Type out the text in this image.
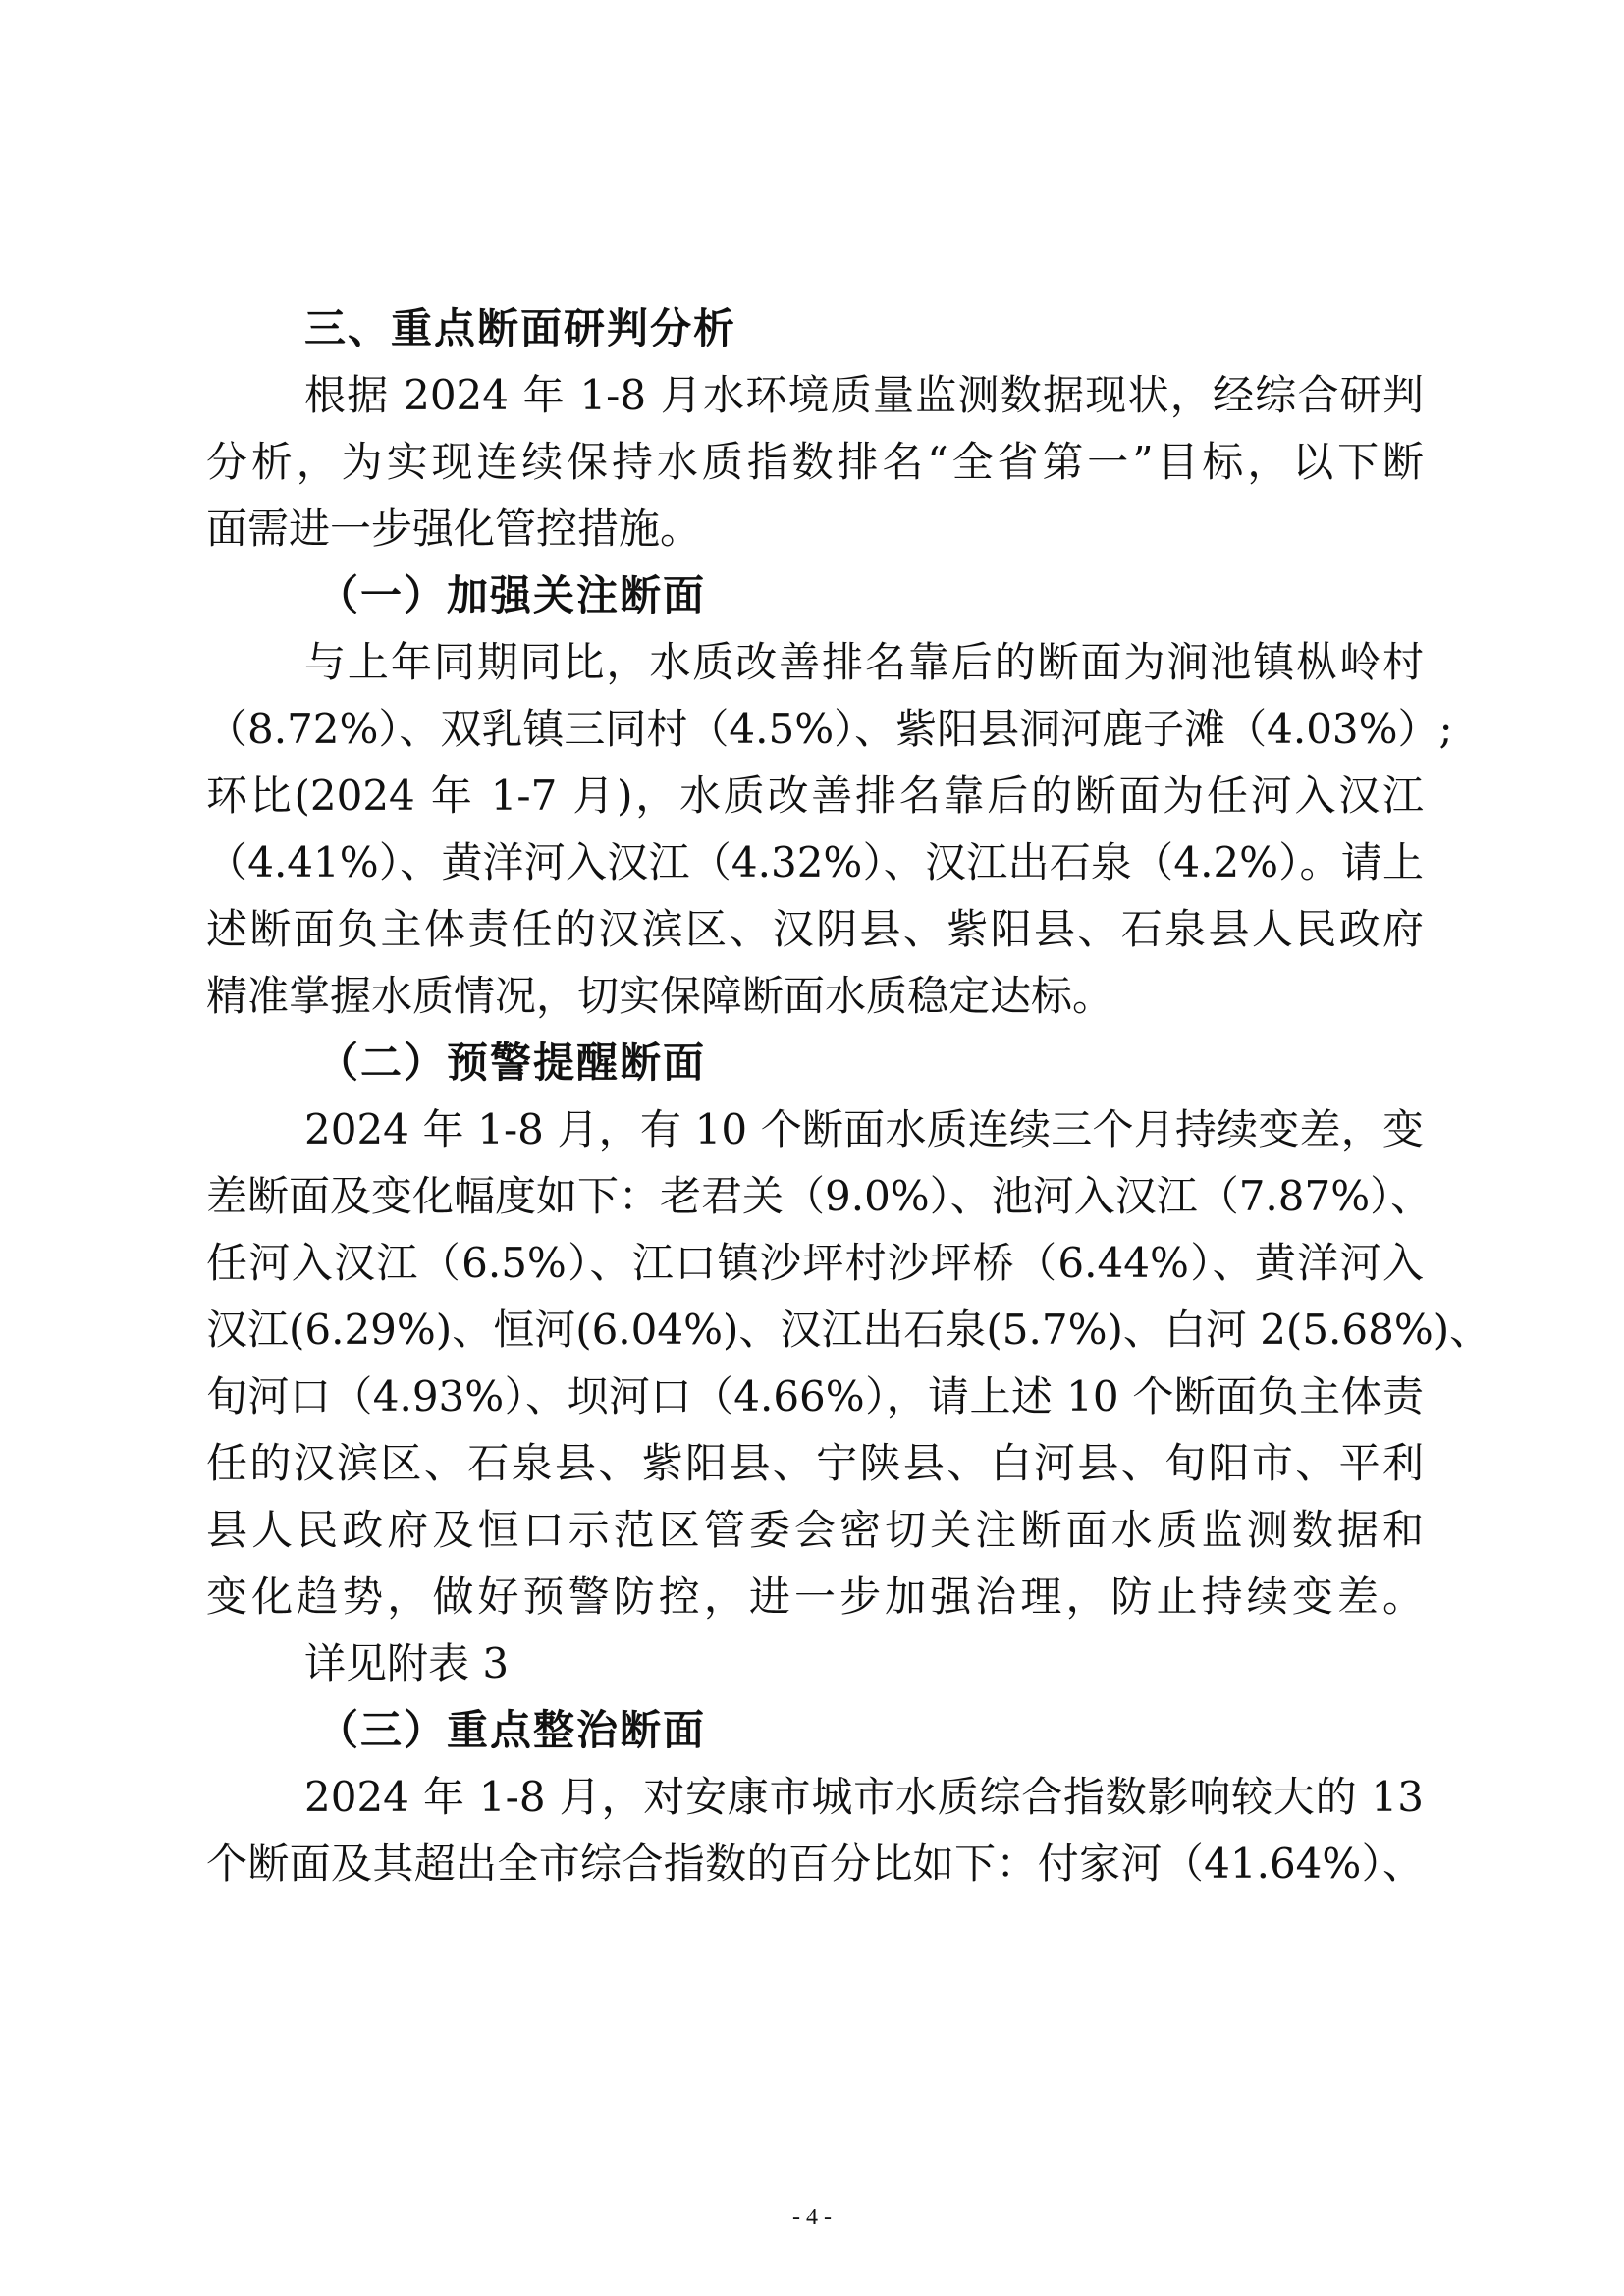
三、重点断面研判分析
根据 2024 年 1-8 月水环境质量监测数据现状，经综合研判
分析，为实现连续保持水质指数排名“全省第一”目标，以下断
面需进一步强化管控措施。
（一）加强关注断面
与上年同期同比，水质改善排名靠后的断面为涧池镇枞岭村
（8.72%）、双乳镇三同村（4.5%）、紫阳县洞河鹿子滩（4.03%）;
环比(2024 年 1-7 月)，水质改善排名靠后的断面为任河入汉江
（4.41%）、黄洋河入汉江（4.32%）、汉江出石泉（4.2%）。请上
述断面负主体责任的汉滨区、汉阴县、紫阳县、石泉县人民政府
精准掌握水质情况，切实保障断面水质稳定达标。
（二）预警提醒断面
2024 年 1-8 月，有 10 个断面水质连续三个月持续变差，变
差断面及变化幅度如下：老君关（9.0%）、池河入汉江（7.87%）、
任河入汉江（6.5%）、江口镇沙坪村沙坪桥（6.44%）、黄洋河入
汉江(6.29%)、恒河(6.04%)、汉江出石泉(5.7%)、白河 2(5.68%)、
旬河口（4.93%）、坝河口（4.66%），请上述 10 个断面负主体责
任的汉滨区、石泉县、紫阳县、宁陕县、白河县、旬阳市、平利
县人民政府及恒口示范区管委会密切关注断面水质监测数据和
变化趋势，做好预警防控，进一步加强治理，防止持续变差。
详见附表 3
（三）重点整治断面
2024 年 1-8 月，对安康市城市水质综合指数影响较大的 13
个断面及其超出全市综合指数的百分比如下：付家河（41.64%）、
- 4 -
